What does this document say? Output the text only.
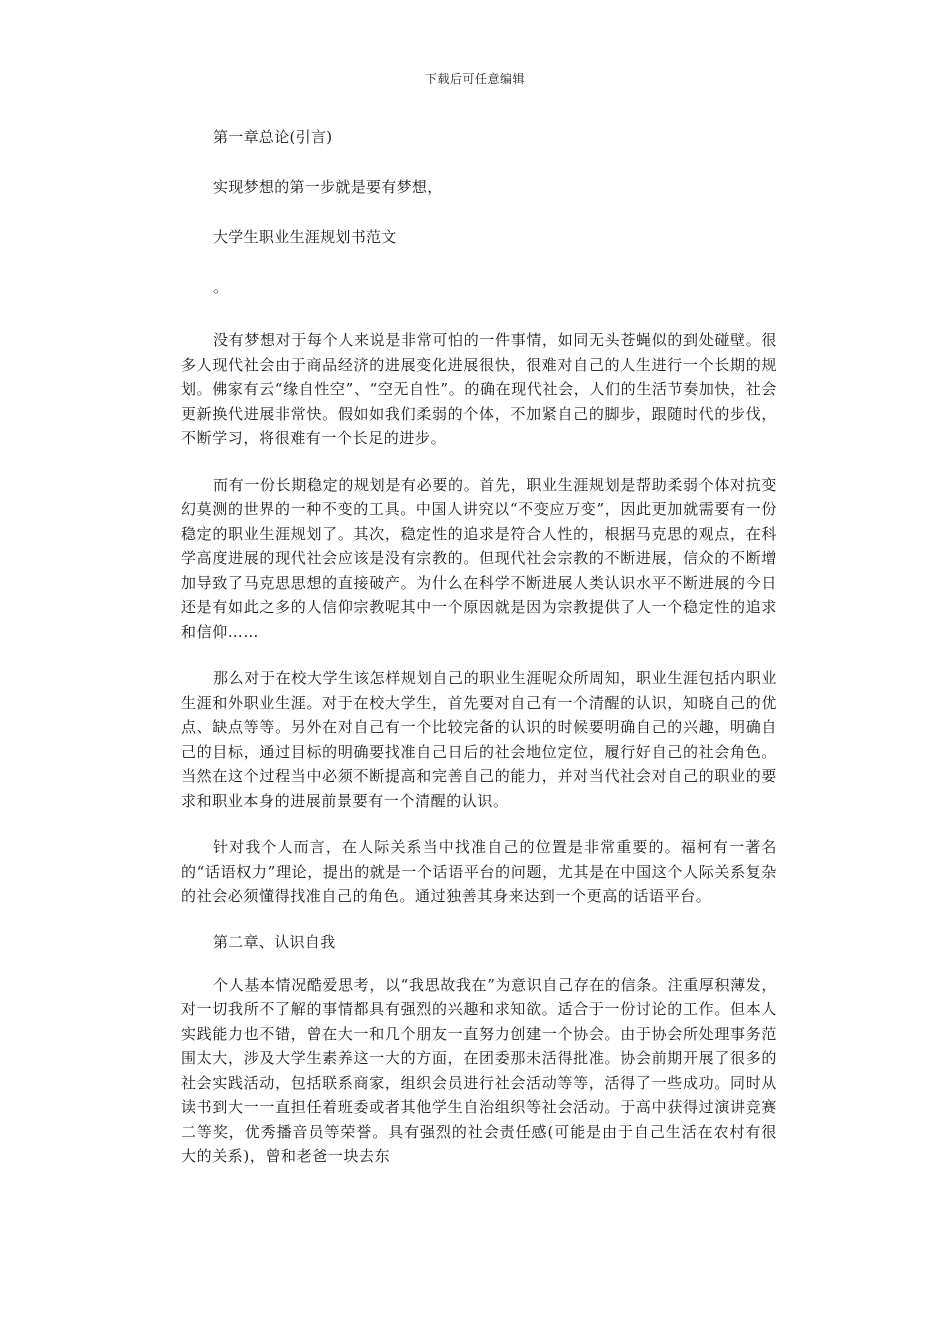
下载后可任意编辑

第一章总论(引言)

实现梦想的第一步就是要有梦想，

大学生职业生涯规划书范文

。

没有梦想对于每个人来说是非常可怕的一件事情，如同无头苍蝇似的到处碰壁。很多人现代社会由于商品经济的进展变化进展很快，很难对自己的人生进行一个长期的规划。佛家有云“缘自性空”、“空无自性”。的确在现代社会，人们的生活节奏加快，社会更新换代进展非常快。假如如我们柔弱的个体，不加紧自己的脚步，跟随时代的步伐，不断学习，将很难有一个长足的进步。

而有一份长期稳定的规划是有必要的。首先，职业生涯规划是帮助柔弱个体对抗变幻莫测的世界的一种不变的工具。中国人讲究以“不变应万变”，因此更加就需要有一份稳定的职业生涯规划了。其次，稳定性的追求是符合人性的，根据马克思的观点，在科学高度进展的现代社会应该是没有宗教的。但现代社会宗教的不断进展，信众的不断增加导致了马克思思想的直接破产。为什么在科学不断进展人类认识水平不断进展的今日还是有如此之多的人信仰宗教呢其中一个原因就是因为宗教提供了人一个稳定性的追求和信仰……

那么对于在校大学生该怎样规划自己的职业生涯呢众所周知，职业生涯包括内职业生涯和外职业生涯。对于在校大学生，首先要对自己有一个清醒的认识，知晓自己的优点、缺点等等。另外在对自己有一个比较完备的认识的时候要明确自己的兴趣，明确自己的目标，通过目标的明确要找准自己日后的社会地位定位，履行好自己的社会角色。当然在这个过程当中必须不断提高和完善自己的能力，并对当代社会对自己的职业的要求和职业本身的进展前景要有一个清醒的认识。

针对我个人而言，在人际关系当中找准自己的位置是非常重要的。福柯有一著名的“话语权力”理论，提出的就是一个话语平台的问题，尤其是在中国这个人际关系复杂的社会必须懂得找准自己的角色。通过独善其身来达到一个更高的话语平台。

第二章、认识自我

个人基本情况酷爱思考，以“我思故我在”为意识自己存在的信条。注重厚积薄发，对一切我所不了解的事情都具有强烈的兴趣和求知欲。适合于一份讨论的工作。但本人实践能力也不错，曾在大一和几个朋友一直努力创建一个协会。由于协会所处理事务范围太大，涉及大学生素养这一大的方面，在团委那未活得批准。协会前期开展了很多的社会实践活动，包括联系商家，组织会员进行社会活动等等，活得了一些成功。同时从读书到大一一直担任着班委或者其他学生自治组织等社会活动。于高中获得过演讲竞赛二等奖，优秀播音员等荣誉。具有强烈的社会责任感(可能是由于自己生活在农村有很大的关系)，曾和老爸一块去东
